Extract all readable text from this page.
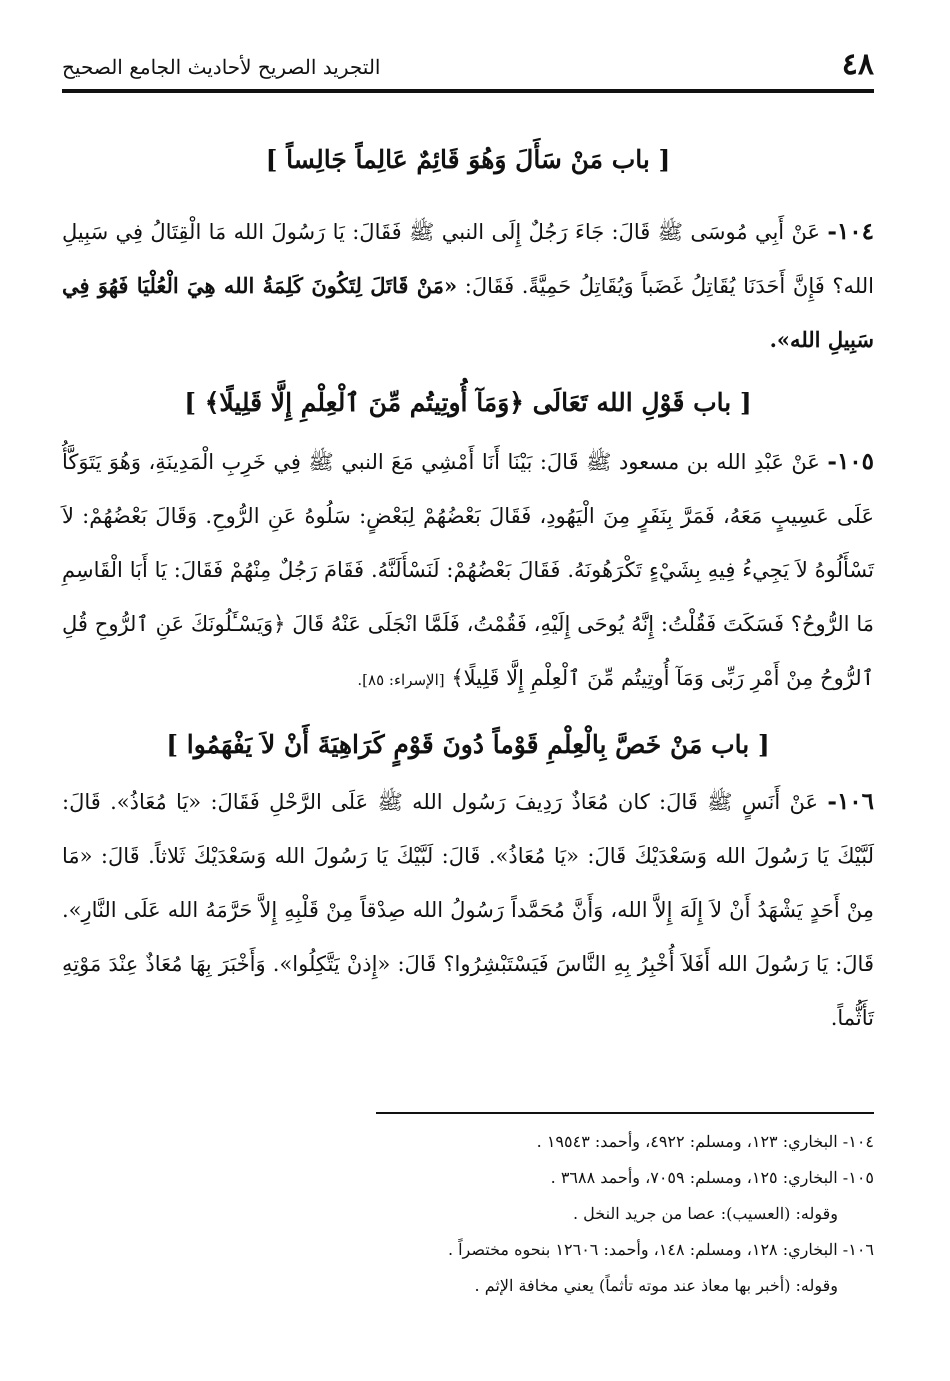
٤٨
التجريد الصريح لأحاديث الجامع الصحيح
[ باب مَنْ سَأَلَ وَهُوَ قَائِمٌ عَالِماً جَالِساً ]

١٠٤- عَنْ أَبِي مُوسَى ﷺ قَالَ: جَاءَ رَجُلٌ إِلَى النبي ﷺ فَقَالَ: يَا رَسُولَ الله مَا الْقِتَالُ فِي سَبِيلِ الله؟ فَإِنَّ أَحَدَنَا يُقَاتِلُ غَضَباً وَيُقَاتِلُ حَمِيَّةً. فَقَالَ: «مَنْ قَاتَلَ لِتَكُونَ كَلِمَةُ الله هِيَ الْعُلْيَا فَهُوَ فِي سَبِيلِ الله».

[ باب قَوْلِ الله تَعَالَى ﴿وَمَآ أُوتِيتُم مِّنَ ٱلْعِلْمِ إِلَّا قَلِيلًا﴾ ]

١٠٥- عَنْ عَبْدِ الله بن مسعود ﷺ قَالَ: بَيْنَا أَنَا أَمْشِي مَعَ النبي ﷺ فِي خَرِبِ الْمَدِينَةِ، وَهُوَ يَتَوَكَّأُ عَلَى عَسِيبٍ مَعَهُ، فَمَرَّ بِنَفَرٍ مِنَ الْيَهُودِ، فَقَالَ بَعْضُهُمْ لِبَعْضٍ: سَلُوهُ عَنِ الرُّوحِ. وَقَالَ بَعْضُهُمْ: لاَ تَسْأَلُوهُ لاَ يَجِيءُ فِيهِ بِشَيْءٍ تَكْرَهُونَهُ. فَقَالَ بَعْضُهُمْ: لَنَسْأَلَنَّهُ. فَقَامَ رَجُلٌ مِنْهُمْ فَقَالَ: يَا أَبَا الْقَاسِمِ مَا الرُّوحُ؟ فَسَكَتَ فَقُلْتُ: إِنَّهُ يُوحَى إِلَيْهِ، فَقُمْتُ، فَلَمَّا انْجَلَى عَنْهُ قَالَ ﴿وَيَسْـَٔلُونَكَ عَنِ ٱلرُّوحِ قُلِ ٱلرُّوحُ مِنْ أَمْرِ رَبِّى وَمَآ أُوتِيتُم مِّنَ ٱلْعِلْمِ إِلَّا قَلِيلًا﴾ [الإسراء: ٨٥].

[ باب مَنْ خَصَّ بِالْعِلْمِ قَوْماً دُونَ قَوْمٍ كَرَاهِيَةَ أَنْ لاَ يَفْهَمُوا ]

١٠٦- عَنْ أَنَسٍ ﷺ قَالَ: كان مُعَاذٌ رَدِيفَ رَسُول الله ﷺ عَلَى الرَّحْلِ فَقَالَ: «يَا مُعَاذُ». قَالَ: لَبَّيْكَ يَا رَسُولَ الله وَسَعْدَيْكَ قَالَ: «يَا مُعَاذُ». قَالَ: لَبَّيْكَ يَا رَسُولَ الله وَسَعْدَيْكَ ثَلاثاً. قَالَ: «مَا مِنْ أَحَدٍ يَشْهَدُ أَنْ لاَ إِلَهَ إِلاَّ الله، وَأَنَّ مُحَمَّداً رَسُولُ الله صِدْقاً مِنْ قَلْبِهِ إِلاَّ حَرَّمَهُ الله عَلَى النَّارِ». قَالَ: يَا رَسُولَ الله أَفَلاَ أُخْبِرُ بِهِ النَّاسَ فَيَسْتَبْشِرُوا؟ قَالَ: «إِذنْ يَتَّكِلُوا». وَأَخْبَرَ بِهَا مُعَاذٌ عِنْدَ مَوْتِهِ تَأَثُّماً.

١٠٤- البخاري: ١٢٣، ومسلم: ٤٩٢٢، وأحمد: ١٩٥٤٣ .

١٠٥- البخاري: ١٢٥، ومسلم: ٧٠٥٩، وأحمد ٣٦٨٨ .

وقوله: (العسيب): عصا من جريد النخل .

١٠٦- البخاري: ١٢٨، ومسلم: ١٤٨، وأحمد: ١٢٦٠٦ بنحوه مختصراً .

وقوله: (أخبر بها معاذ عند موته تأثماً) يعني مخافة الإثم .
